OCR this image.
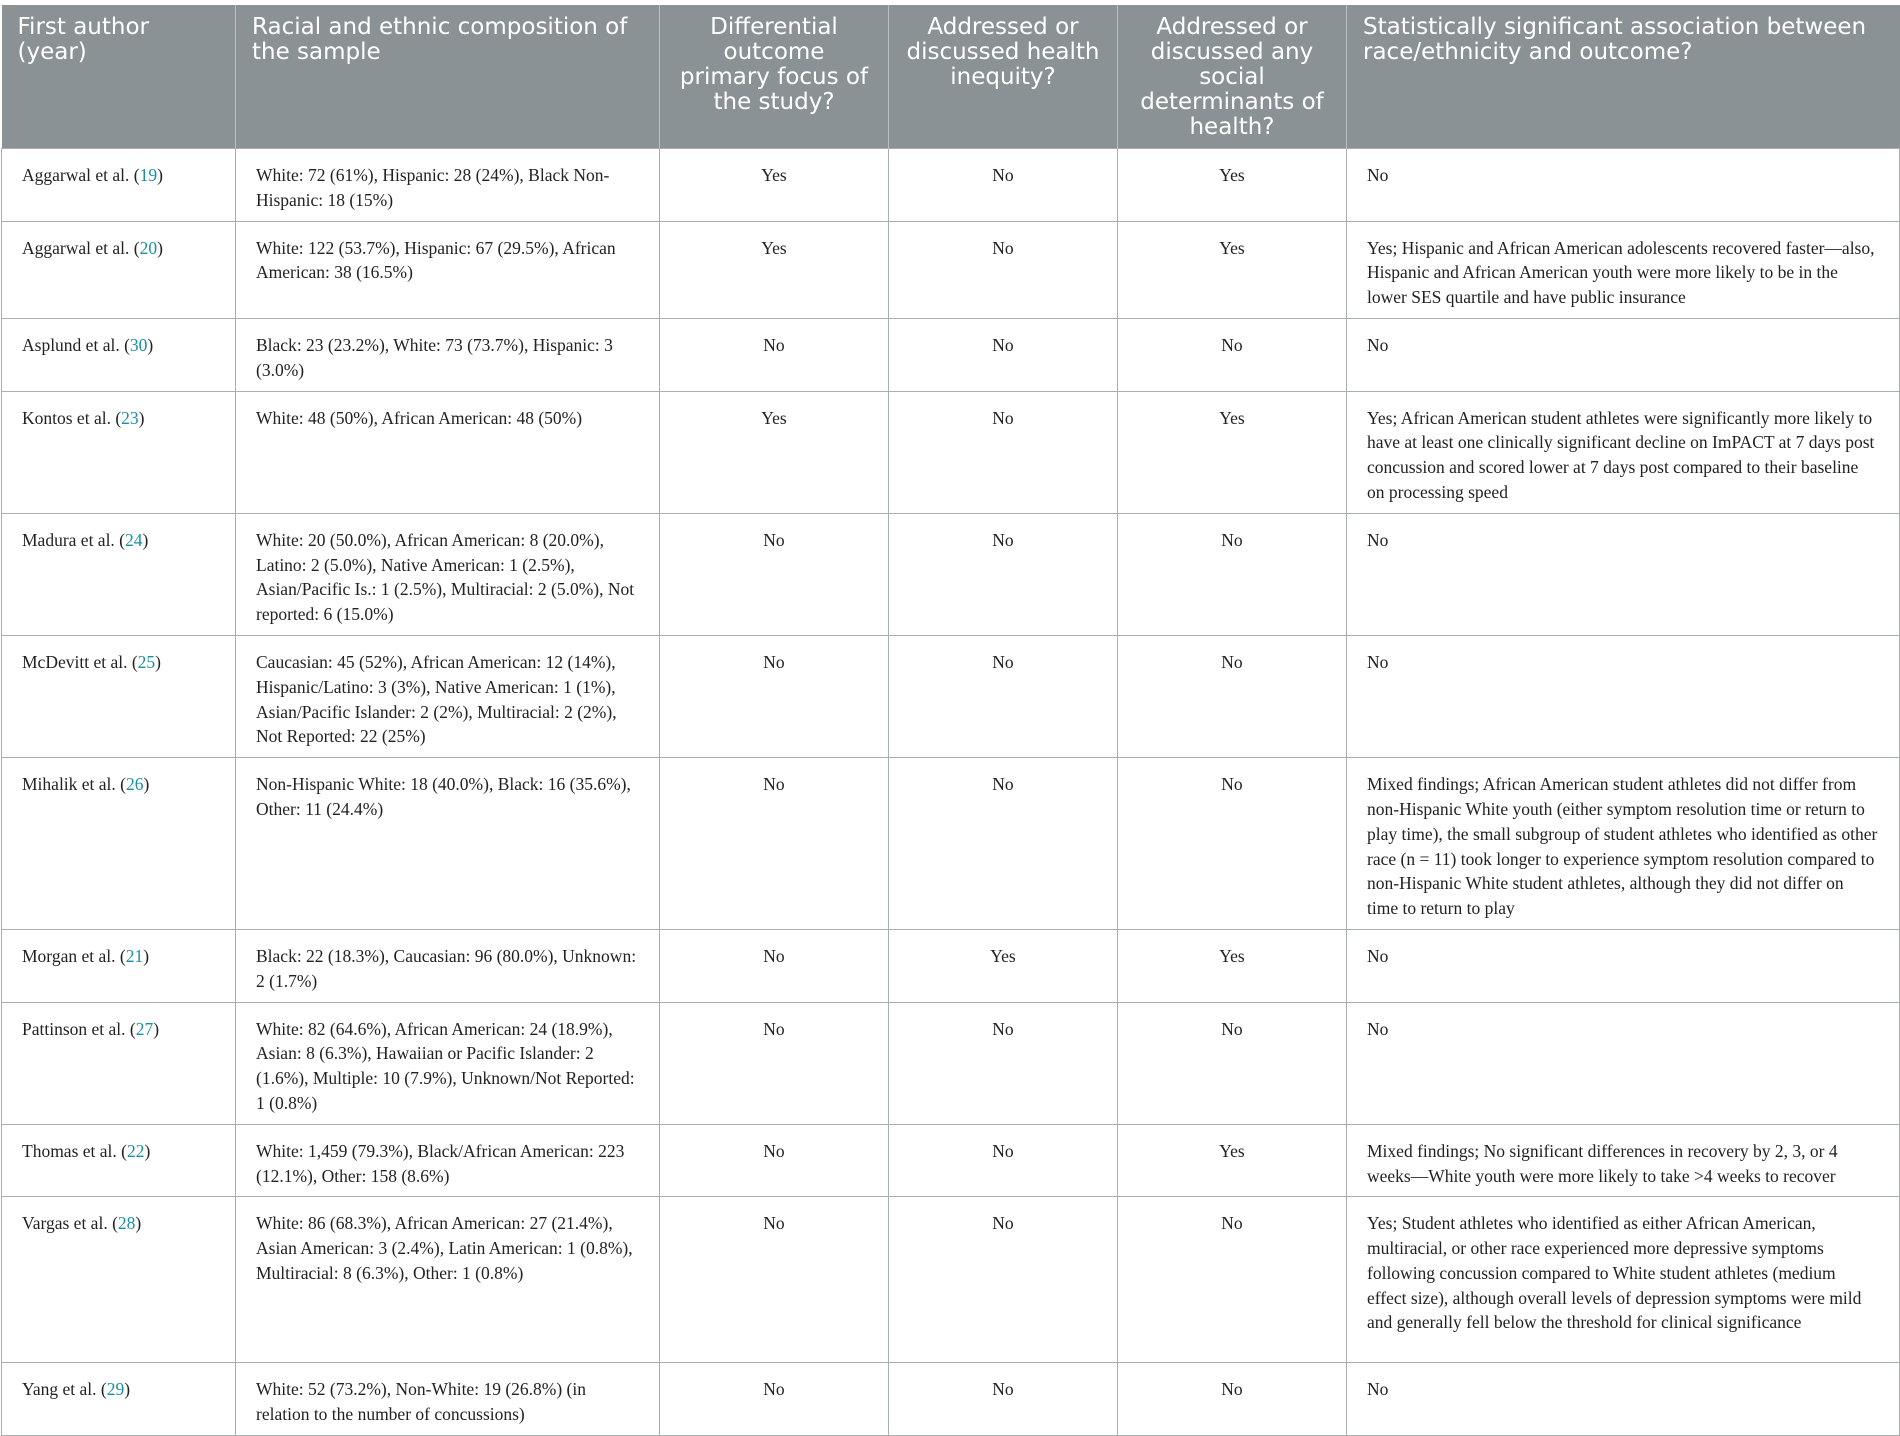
First author (year)	Racial and ethnic composition of the sample	Differential outcome primary focus of the study?	Addressed or discussed health inequity?	Addressed or discussed any social determinants of health?	Statistically significant association between race/ethnicity and outcome?
Aggarwal et al. (19)	White: 72 (61%), Hispanic: 28 (24%), Black Non-Hispanic: 18 (15%)	Yes	No	Yes	No
Aggarwal et al. (20)	White: 122 (53.7%), Hispanic: 67 (29.5%), African American: 38 (16.5%)	Yes	No	Yes	Yes; Hispanic and African American adolescents recovered faster—also, Hispanic and African American youth were more likely to be in the lower SES quartile and have public insurance
Asplund et al. (30)	Black: 23 (23.2%), White: 73 (73.7%), Hispanic: 3 (3.0%)	No	No	No	No
Kontos et al. (23)	White: 48 (50%), African American: 48 (50%)	Yes	No	Yes	Yes; African American student athletes were significantly more likely to have at least one clinically significant decline on ImPACT at 7 days post concussion and scored lower at 7 days post compared to their baseline on processing speed
Madura et al. (24)	White: 20 (50.0%), African American: 8 (20.0%), Latino: 2 (5.0%), Native American: 1 (2.5%), Asian/Pacific Is.: 1 (2.5%), Multiracial: 2 (5.0%), Not reported: 6 (15.0%)	No	No	No	No
McDevitt et al. (25)	Caucasian: 45 (52%), African American: 12 (14%), Hispanic/Latino: 3 (3%), Native American: 1 (1%), Asian/Pacific Islander: 2 (2%), Multiracial: 2 (2%), Not Reported: 22 (25%)	No	No	No	No
Mihalik et al. (26)	Non-Hispanic White: 18 (40.0%), Black: 16 (35.6%), Other: 11 (24.4%)	No	No	No	Mixed findings; African American student athletes did not differ from non-Hispanic White youth (either symptom resolution time or return to play time), the small subgroup of student athletes who identified as other race (n = 11) took longer to experience symptom resolution compared to non-Hispanic White student athletes, although they did not differ on time to return to play
Morgan et al. (21)	Black: 22 (18.3%), Caucasian: 96 (80.0%), Unknown: 2 (1.7%)	No	Yes	Yes	No
Pattinson et al. (27)	White: 82 (64.6%), African American: 24 (18.9%), Asian: 8 (6.3%), Hawaiian or Pacific Islander: 2 (1.6%), Multiple: 10 (7.9%), Unknown/Not Reported: 1 (0.8%)	No	No	No	No
Thomas et al. (22)	White: 1,459 (79.3%), Black/African American: 223 (12.1%), Other: 158 (8.6%)	No	No	Yes	Mixed findings; No significant differences in recovery by 2, 3, or 4 weeks—White youth were more likely to take >4 weeks to recover
Vargas et al. (28)	White: 86 (68.3%), African American: 27 (21.4%), Asian American: 3 (2.4%), Latin American: 1 (0.8%), Multiracial: 8 (6.3%), Other: 1 (0.8%)	No	No	No	Yes; Student athletes who identified as either African American, multiracial, or other race experienced more depressive symptoms following concussion compared to White student athletes (medium effect size), although overall levels of depression symptoms were mild and generally fell below the threshold for clinical significance
Yang et al. (29)	White: 52 (73.2%), Non-White: 19 (26.8%) (in relation to the number of concussions)	No	No	No	No
